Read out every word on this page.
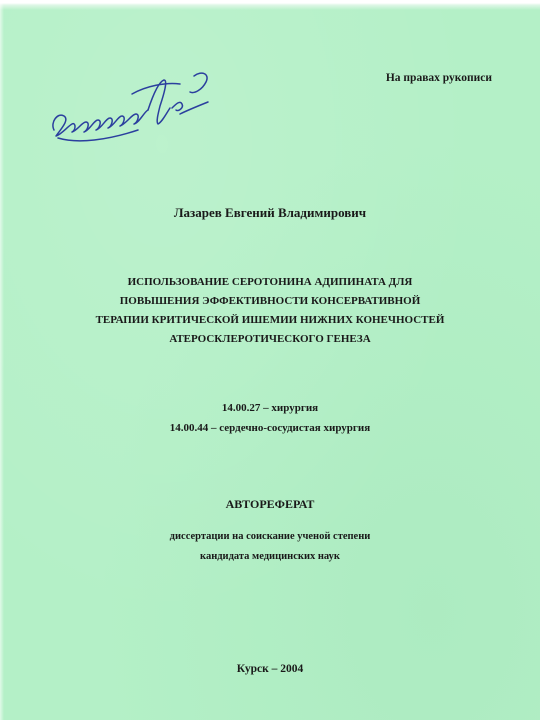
На правах рукописи
Лазарев Евгений Владимирович
ИСПОЛЬЗОВАНИЕ СЕРОТОНИНА АДИПИНАТА ДЛЯ
ПОВЫШЕНИЯ ЭФФЕКТИВНОСТИ КОНСЕРВАТИВНОЙ
ТЕРАПИИ КРИТИЧЕСКОЙ ИШЕМИИ НИЖНИХ КОНЕЧНОСТЕЙ
АТЕРОСКЛЕРОТИЧЕСКОГО ГЕНЕЗА
14.00.27 – хирургия
14.00.44 – сердечно-сосудистая хирургия
АВТОРЕФЕРАТ
диссертации на соискание ученой степени
кандидата медицинских наук
Курск – 2004
